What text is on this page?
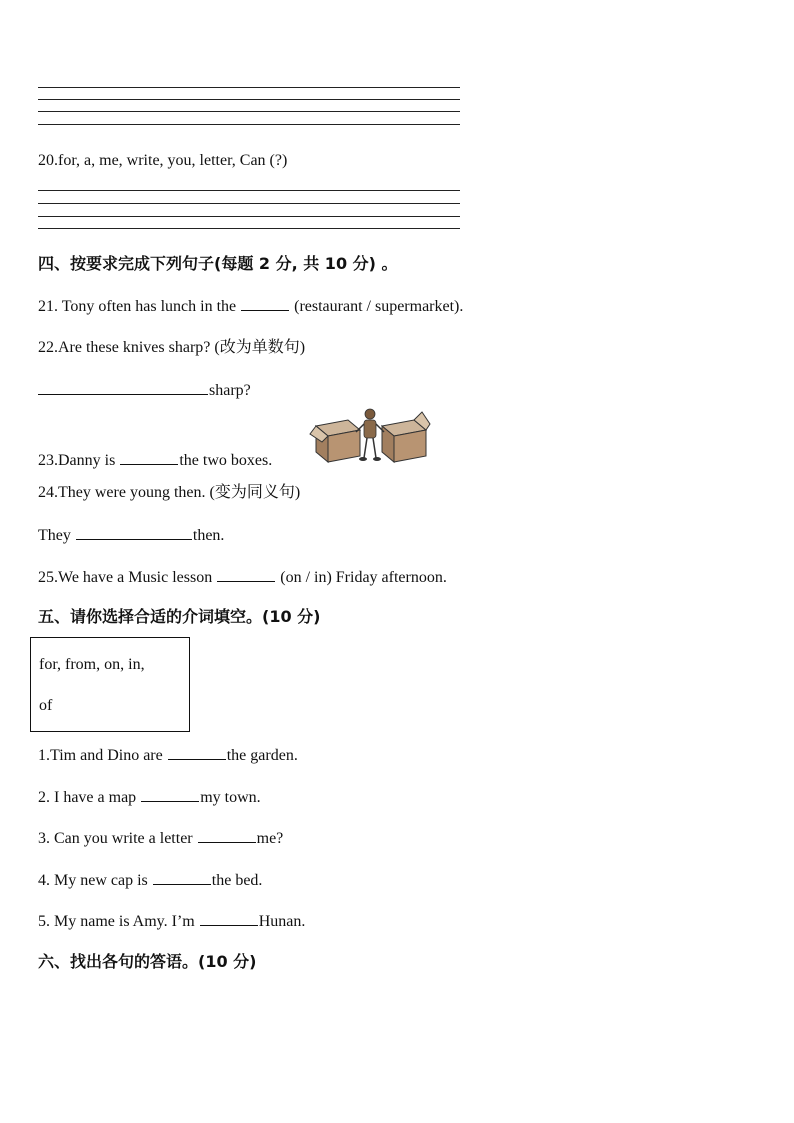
20.for, a, me, write, you, letter, Can (?)
四、按要求完成下列句子(每题 2 分, 共 10 分) 。
21. Tony often has lunch in the	(restaurant / supermarket).
22.Are these knives sharp? (改为单数句)
sharp?
23.Danny is	the two boxes.
24.They were young then. (变为同义句)
They	then.
25.We have a Music lesson	(on / in) Friday afternoon.
五、请你选择合适的介词填空。(10 分)
for, from, on, in,
of
1.Tim and Dino are	the garden.
2. I have a map	my town.
3. Can you write a letter	me?
4. My new cap is	the bed.
5. My name is Amy. I’m	Hunan.
六、找出各句的答语。(10 分)
